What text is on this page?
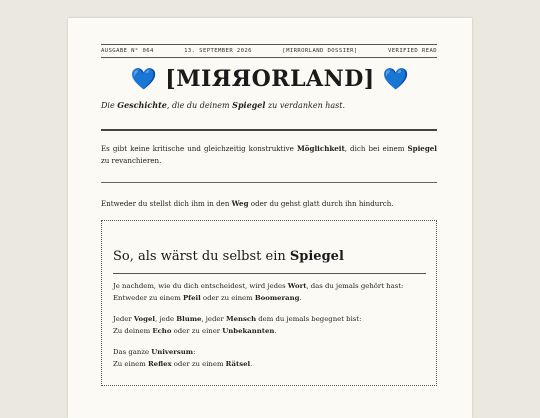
AUSGABE N° 064	13. SEPTEMBER 2026	[MIRRORLAND DOSSIER]	VERIFIED READ
💙 [MIЯЯORLAND] 💙
Die Geschichte, die du deinem Spiegel zu verdanken hast.
Es gibt keine kritische und gleichzeitig konstruktive Möglichkeit, dich bei einem Spiegel zu revanchieren.
Entweder du stellst dich ihm in den Weg oder du gehst glatt durch ihn hindurch.
So, als wärst du selbst ein Spiegel
Je nachdem, wie du dich entscheidest, wird jedes Wort, das du jemals gehört hast:
Entweder zu einem Pfeil oder zu einem Boomerang.
Jeder Vogel, jede Blume, jeder Mensch dem du jemals begegnet bist:
Zu deinem Echo oder zu einer Unbekannten.
Das ganze Universum:
Zu einem Reflex oder zu einem Rätsel.
